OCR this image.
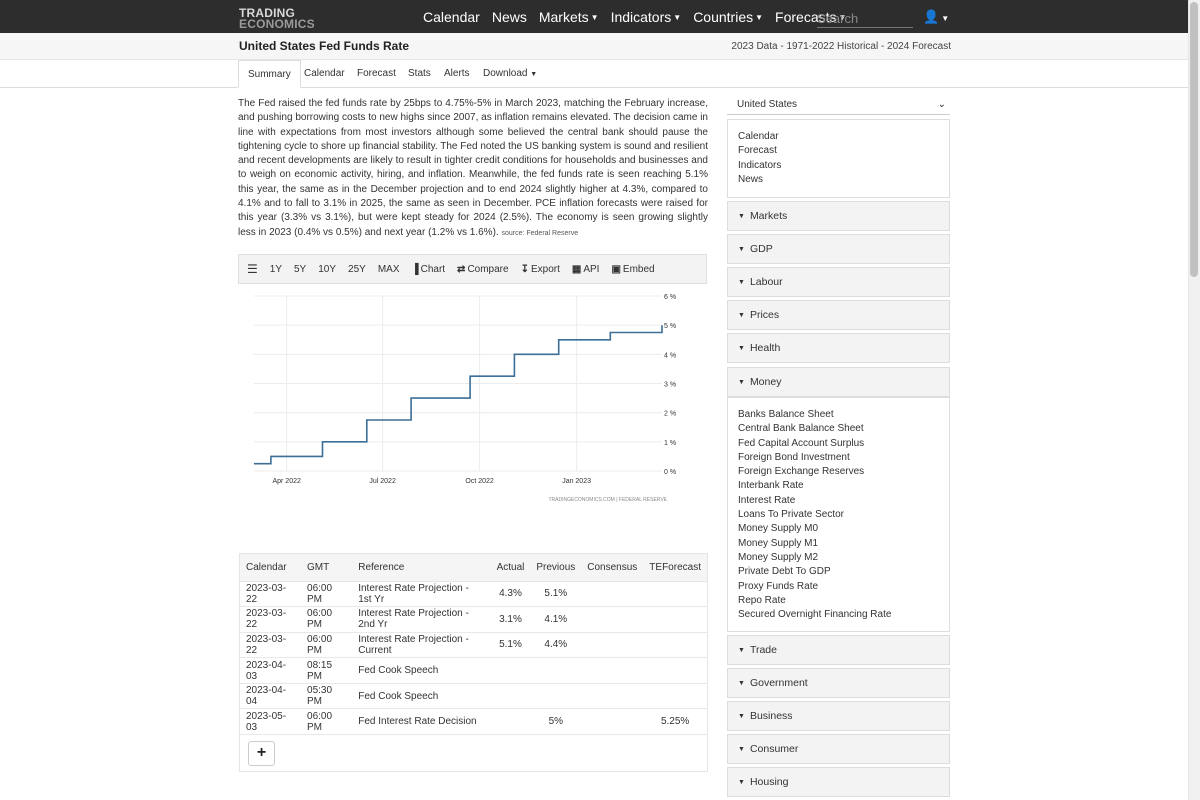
TRADING
ECONOMICS	Calendar News Markets ▼ Indicators ▼ Countries ▼ Forecasts ▼
Search	👤 ▼
United States Fed Funds Rate	2023 Data - 1971-2022 Historical - 2024 Forecast
Summary	Calendar Forecast Stats Alerts Download ▼
The Fed raised the fed funds rate by 25bps to 4.75%-5% in March 2023, matching the February increase, and pushing borrowing costs to new highs since 2007, as inflation remains elevated. The decision came in line with expectations from most investors although some believed the central bank should pause the tightening cycle to shore up financial stability. The Fed noted the US banking system is sound and resilient and recent developments are likely to result in tighter credit conditions for households and businesses and to weigh on economic activity, hiring, and inflation. Meanwhile, the fed funds rate is seen reaching 5.1% this year, the same as in the December projection and to end 2024 slightly higher at 4.3%, compared to 4.1% and to fall to 3.1% in 2025, the same as seen in December. PCE inflation forecasts were raised for this year (3.3% vs 3.1%), but were kept steady for 2024 (2.5%). The economy is seen growing slightly less in 2023 (0.4% vs 0.5%) and next year (1.2% vs 1.6%). source: Federal Reserve
☰ 1Y 5Y 10Y 25Y MAX ▐ Chart ⇄ Compare ↧ Export ▦ API ▣ Embed
6 %
5 %
4 %
3 %
2 %
1 %
0 %
Apr 2022	Jul 2022	Oct 2022	Jan 2023
TRADINGECONOMICS.COM | FEDERAL RESERVE
Calendar	GMT	Reference	Actual	Previous	Consensus	TEForecast
2023-03-22	06:00 PM	Interest Rate Projection - 1st Yr	4.3%	5.1%		
2023-03-22	06:00 PM	Interest Rate Projection - 2nd Yr	3.1%	4.1%		
2023-03-22	06:00 PM	Interest Rate Projection - Current	5.1%	4.4%		
2023-04-03	08:15 PM	Fed Cook Speech				
2023-04-04	05:30 PM	Fed Cook Speech				
2023-05-03	06:00 PM	Fed Interest Rate Decision		5%		5.25%
+
United States	⌄
Calendar
Forecast
Indicators
News
▼ Markets
▼ GDP
▼ Labour
▼ Prices
▼ Health
▼ Money
Banks Balance Sheet
Central Bank Balance Sheet
Fed Capital Account Surplus
Foreign Bond Investment
Foreign Exchange Reserves
Interbank Rate
Interest Rate
Loans To Private Sector
Money Supply M0
Money Supply M1
Money Supply M2
Private Debt To GDP
Proxy Funds Rate
Repo Rate
Secured Overnight Financing Rate
▼ Trade
▼ Government
▼ Business
▼ Consumer
▼ Housing
